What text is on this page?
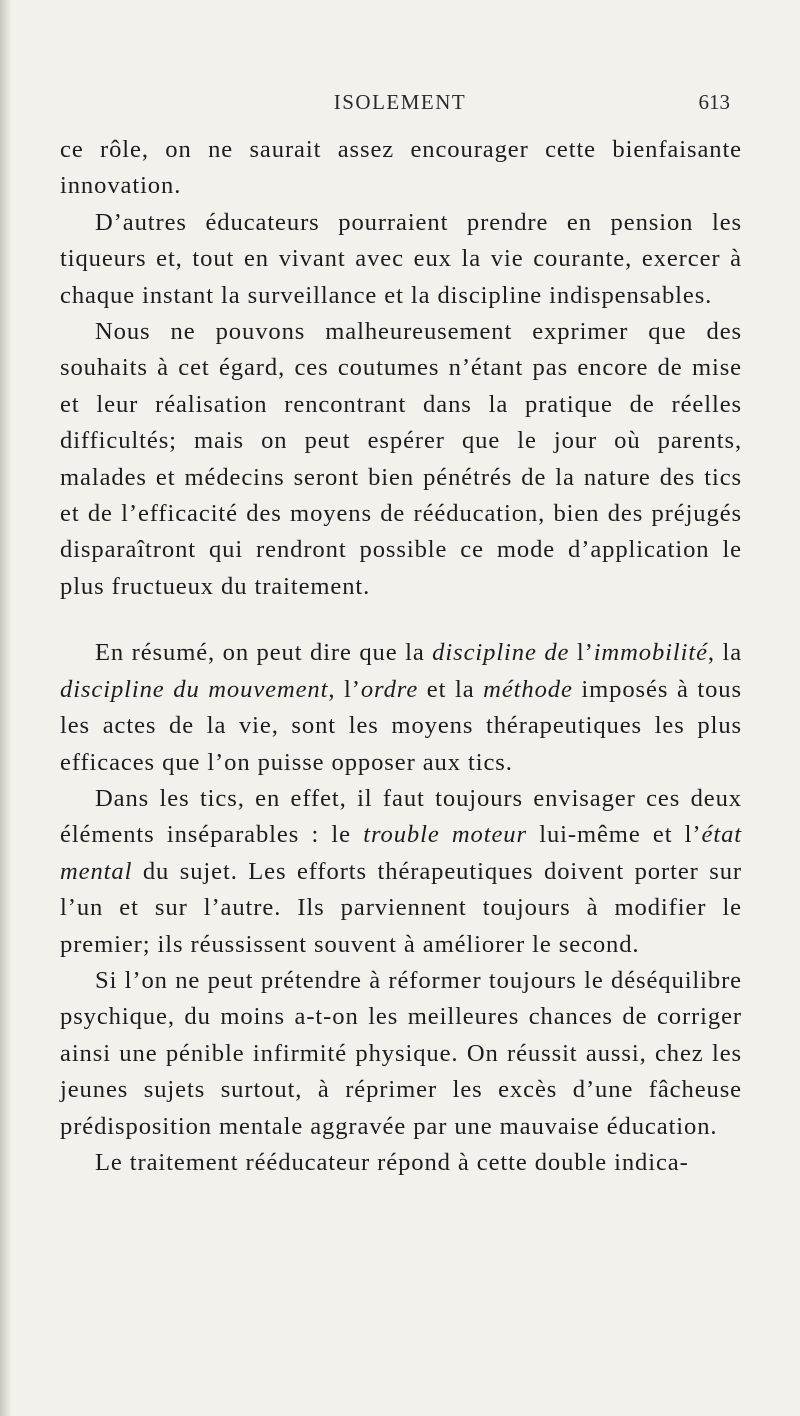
ISOLEMENT	613

ce rôle, on ne saurait assez encourager cette bienfaisante innovation.

D’autres éducateurs pourraient prendre en pension les tiqueurs et, tout en vivant avec eux la vie courante, exercer à chaque instant la surveillance et la discipline indispensables.

Nous ne pouvons malheureusement exprimer que des souhaits à cet égard, ces coutumes n’étant pas encore de mise et leur réalisation rencontrant dans la pratique de réelles difficultés; mais on peut espérer que le jour où parents, malades et médecins seront bien pénétrés de la nature des tics et de l’efficacité des moyens de rééducation, bien des préjugés disparaîtront qui rendront possible ce mode d’application le plus fructueux du traitement.

En résumé, on peut dire que la discipline de l’immobilité, la discipline du mouvement, l’ordre et la méthode imposés à tous les actes de la vie, sont les moyens thérapeutiques les plus efficaces que l’on puisse opposer aux tics.

Dans les tics, en effet, il faut toujours envisager ces deux éléments inséparables : le trouble moteur lui-même et l’état mental du sujet. Les efforts thérapeutiques doivent porter sur l’un et sur l’autre. Ils parviennent toujours à modifier le premier; ils réussissent souvent à améliorer le second.

Si l’on ne peut prétendre à réformer toujours le déséquilibre psychique, du moins a-t-on les meilleures chances de corriger ainsi une pénible infirmité physique. On réussit aussi, chez les jeunes sujets surtout, à réprimer les excès d’une fâcheuse prédisposition mentale aggravée par une mauvaise éducation.

Le traitement rééducateur répond à cette double indica-
